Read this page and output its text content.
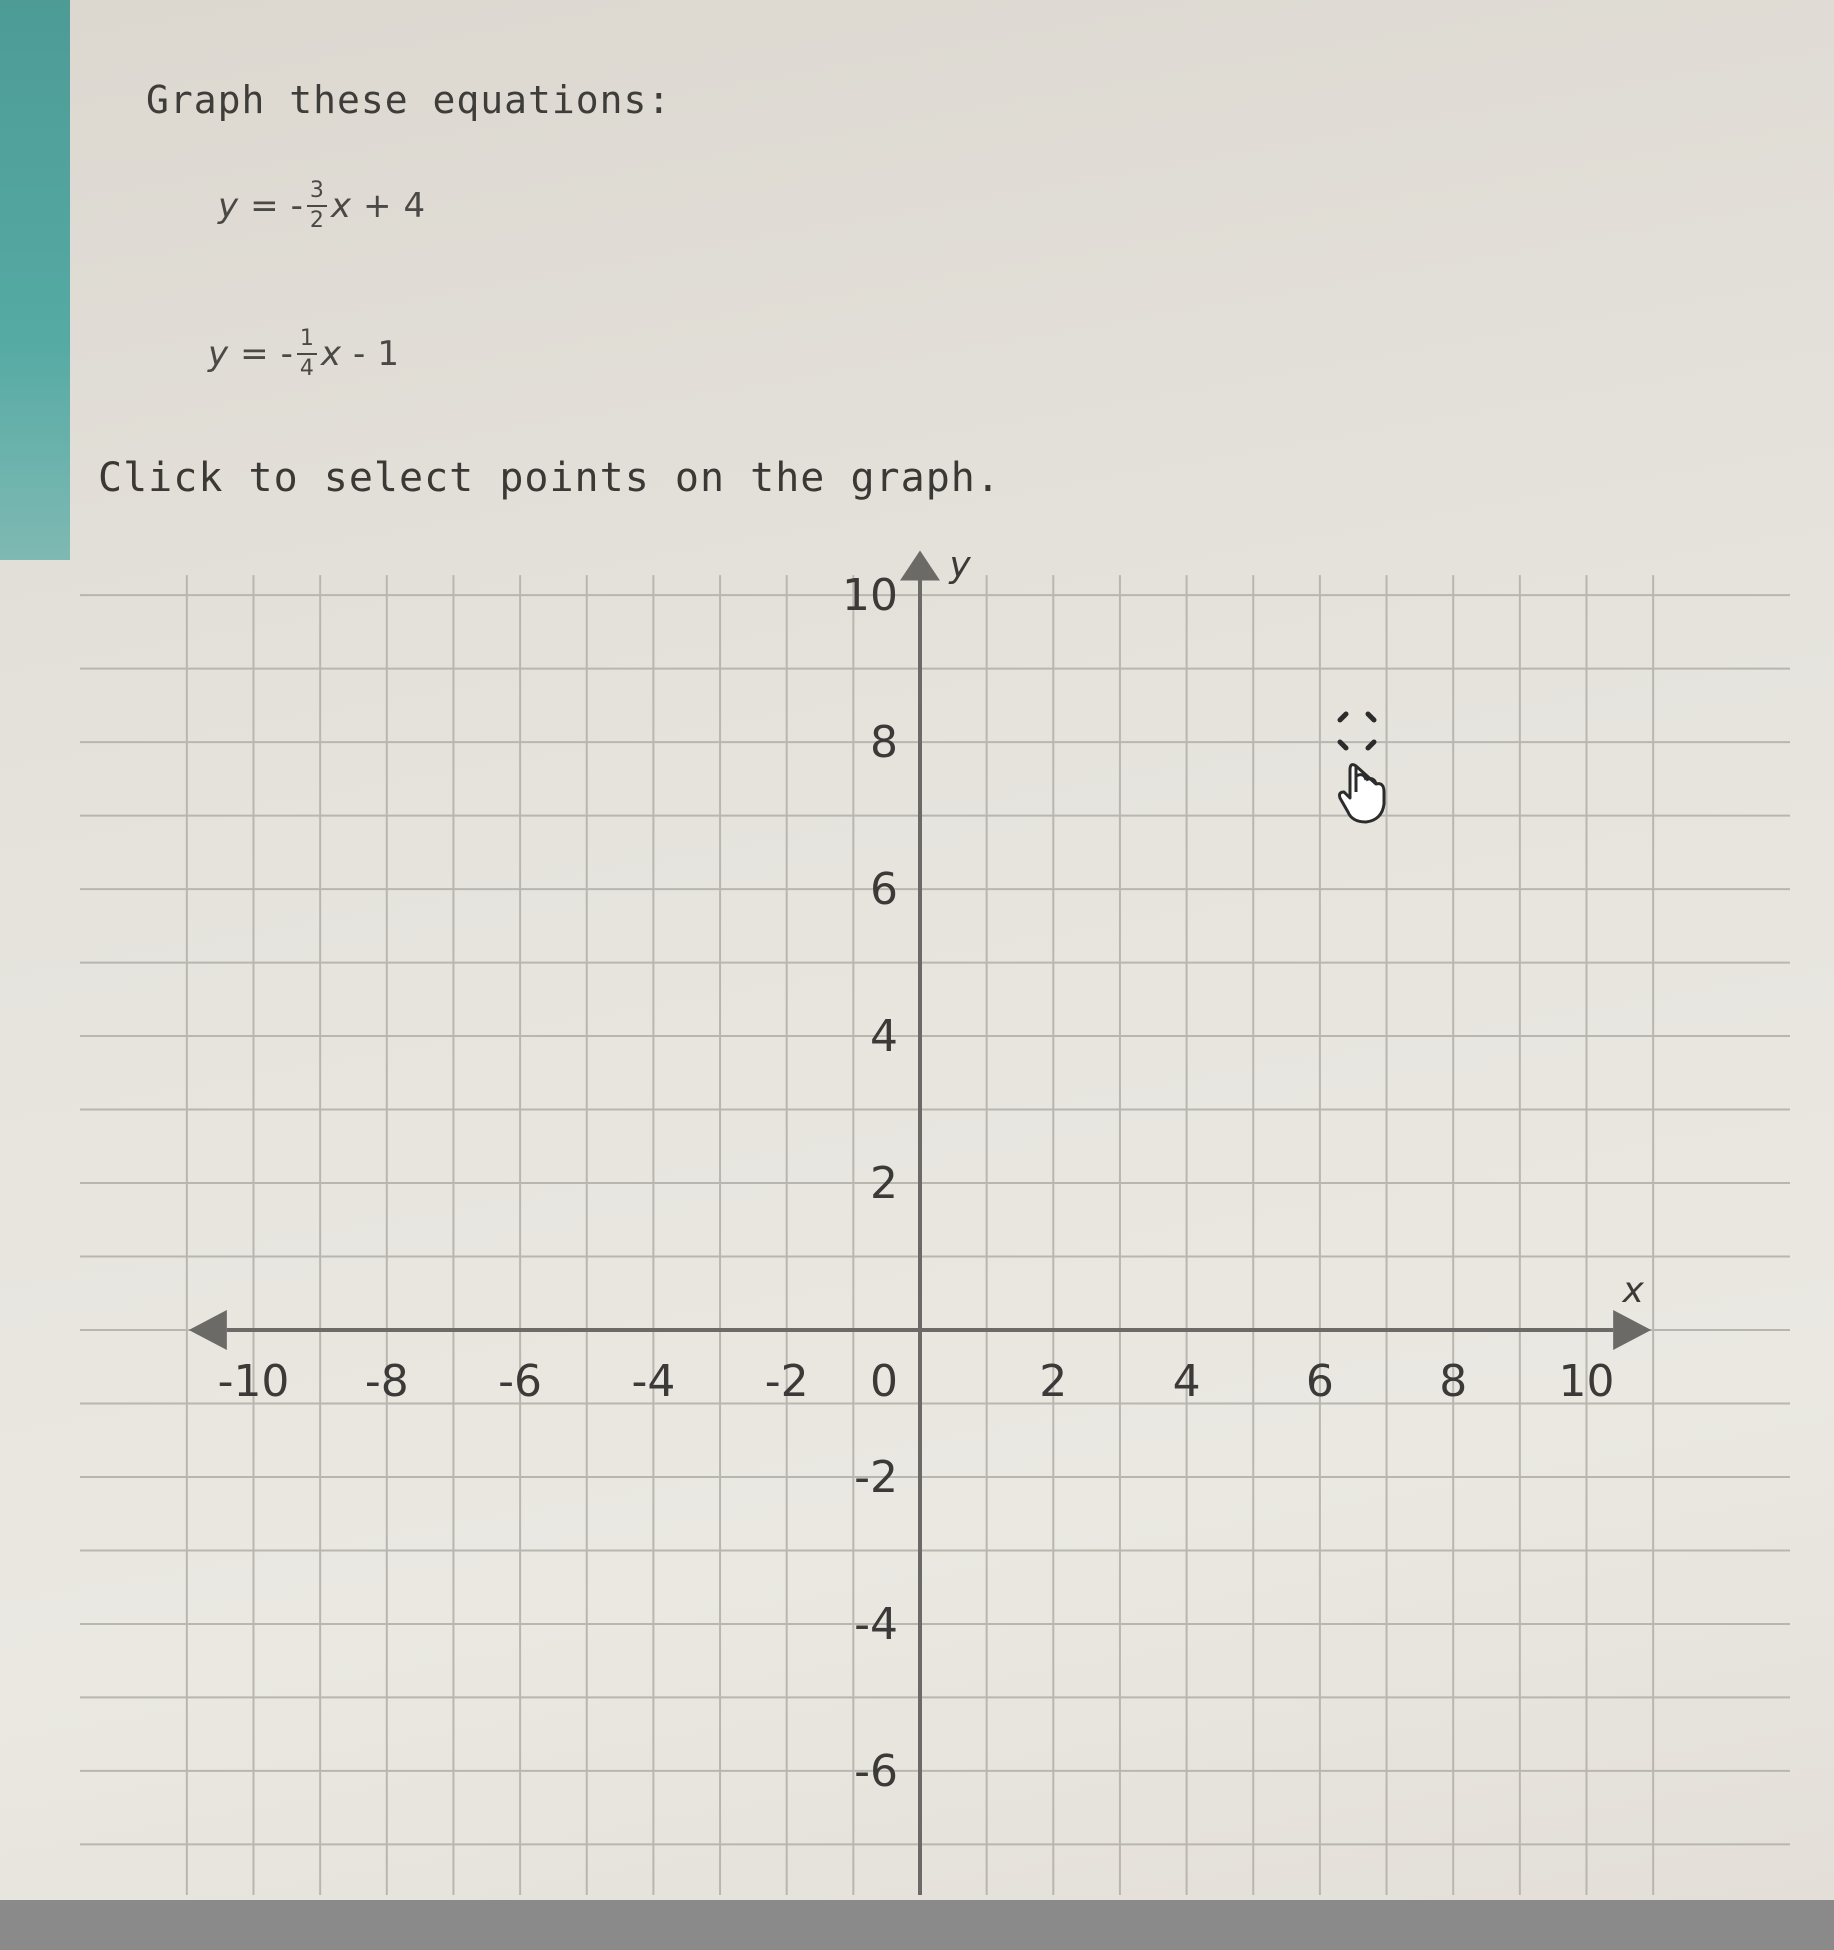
Graph these equations:
y = - $\frac{3}{2}$ x + 4
y = - $\frac{1}{4}$ x - 1
Click to select points on the graph.
-10 -8 -6 -4 -2 0	2 4 6 8 10
10
8
6
4
2
-2
-4
-6
x
y
